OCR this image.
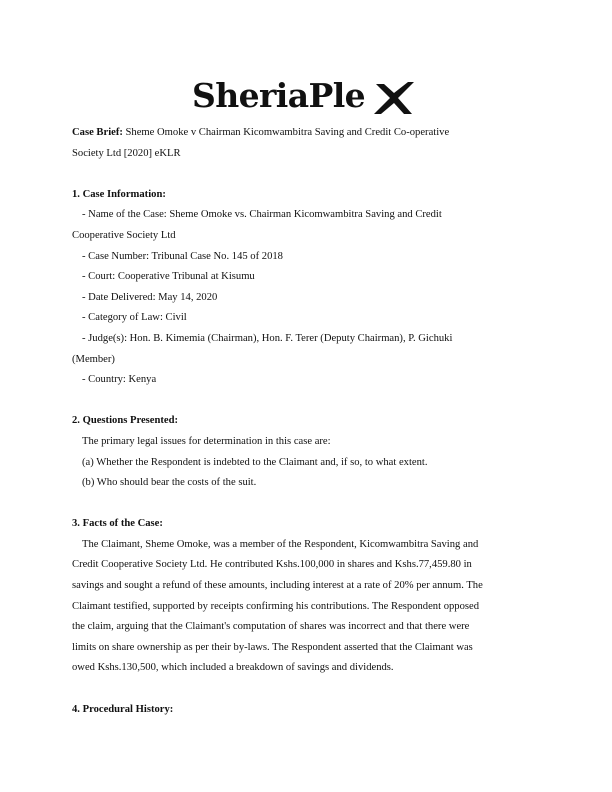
SheriaPle
Case Brief: Sheme Omoke v Chairman Kicomwambitra Saving and Credit Co-operative
Society Ltd [2020] eKLR
1. Case Information:
- Name of the Case: Sheme Omoke vs. Chairman Kicomwambitra Saving and Credit
Cooperative Society Ltd
- Case Number: Tribunal Case No. 145 of 2018
- Court: Cooperative Tribunal at Kisumu
- Date Delivered: May 14, 2020
- Category of Law: Civil
- Judge(s): Hon. B. Kimemia (Chairman), Hon. F. Terer (Deputy Chairman), P. Gichuki
(Member)
- Country: Kenya
2. Questions Presented:
The primary legal issues for determination in this case are:
(a) Whether the Respondent is indebted to the Claimant and, if so, to what extent.
(b) Who should bear the costs of the suit.
3. Facts of the Case:
The Claimant, Sheme Omoke, was a member of the Respondent, Kicomwambitra Saving and
Credit Cooperative Society Ltd. He contributed Kshs.100,000 in shares and Kshs.77,459.80 in
savings and sought a refund of these amounts, including interest at a rate of 20% per annum. The
Claimant testified, supported by receipts confirming his contributions. The Respondent opposed
the claim, arguing that the Claimant's computation of shares was incorrect and that there were
limits on share ownership as per their by-laws. The Respondent asserted that the Claimant was
owed Kshs.130,500, which included a breakdown of savings and dividends.
4. Procedural History:
